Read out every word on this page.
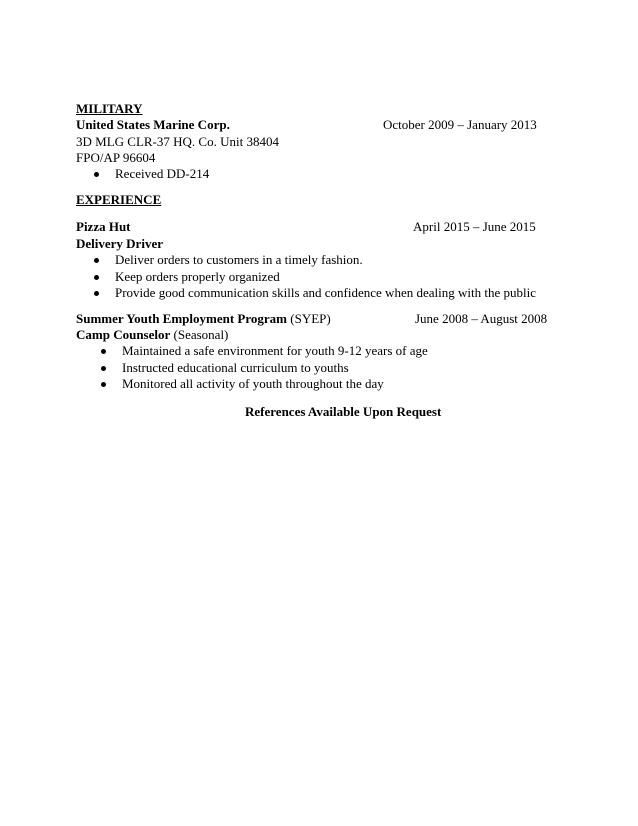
MILITARY
United States Marine Corp.	October 2009 – January 2013
3D MLG CLR-37 HQ. Co. Unit 38404
FPO/AP 96604
Received DD-214
EXPERIENCE
Pizza Hut	April 2015 – June 2015
Delivery Driver
Deliver orders to customers in a timely fashion.
Keep orders properly organized
Provide good communication skills and confidence when dealing with the public
Summer Youth Employment Program (SYEP)	June 2008 – August 2008
Camp Counselor (Seasonal)
Maintained a safe environment for youth 9-12 years of age
Instructed educational curriculum to youths
Monitored all activity of youth throughout the day
References Available Upon Request
